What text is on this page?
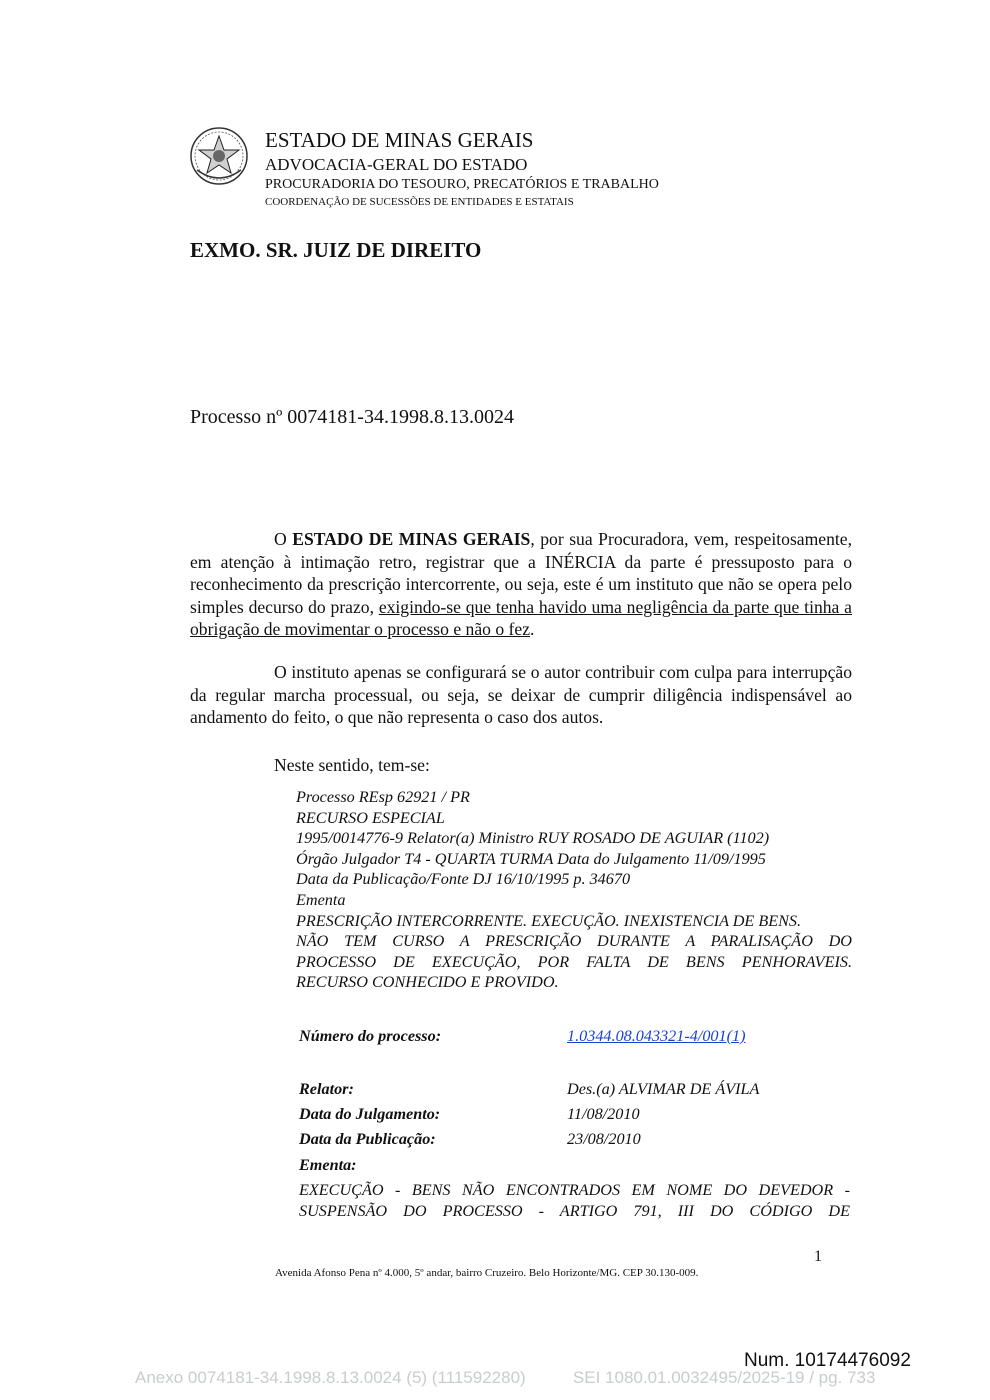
ESTADO DE MINAS GERAIS
ADVOCACIA-GERAL DO ESTADO
PROCURADORIA DO TESOURO, PRECATÓRIOS E TRABALHO
COORDENAÇÃO DE SUCESSÕES DE ENTIDADES E ESTATAIS
EXMO. SR. JUIZ DE DIREITO
Processo nº 0074181-34.1998.8.13.0024
O ESTADO DE MINAS GERAIS, por sua Procuradora, vem, respeitosamente, em atenção à intimação retro, registrar que a INÉRCIA da parte é pressuposto para o reconhecimento da prescrição intercorrente, ou seja, este é um instituto que não se opera pelo simples decurso do prazo, exigindo-se que tenha havido uma negligência da parte que tinha a obrigação de movimentar o processo e não o fez.
O instituto apenas se configurará se o autor contribuir com culpa para interrupção da regular marcha processual, ou seja, se deixar de cumprir diligência indispensável ao andamento do feito, o que não representa o caso dos autos.
Neste sentido, tem-se:
Processo REsp 62921 / PR
RECURSO ESPECIAL
1995/0014776-9 Relator(a) Ministro RUY ROSADO DE AGUIAR (1102)
Órgão Julgador T4 - QUARTA TURMA Data do Julgamento 11/09/1995
Data da Publicação/Fonte DJ 16/10/1995 p. 34670
Ementa
PRESCRIÇÃO INTERCORRENTE. EXECUÇÃO. INEXISTENCIA DE BENS.
NÃO TEM CURSO A PRESCRIÇÃO DURANTE A PARALISAÇÃO DO
PROCESSO DE EXECUÇÃO, POR FALTA DE BENS PENHORAVEIS.
RECURSO CONHECIDO E PROVIDO.
Número do processo:	1.0344.08.043321-4/001(1)
Relator:	Des.(a) ALVIMAR DE ÁVILA
Data do Julgamento:	11/08/2010
Data da Publicação:	23/08/2010
Ementa:
EXECUÇÃO - BENS NÃO ENCONTRADOS EM NOME DO DEVEDOR -
SUSPENSÃO DO PROCESSO - ARTIGO 791, III DO CÓDIGO DE
1
Avenida Afonso Pena nº 4.000, 5º andar, bairro Cruzeiro. Belo Horizonte/MG. CEP 30.130-009.
Num. 10174476092
Anexo 0074181-34.1998.8.13.0024 (5) (111592280)          SEI 1080.01.0032495/2025-19 / pg. 733
